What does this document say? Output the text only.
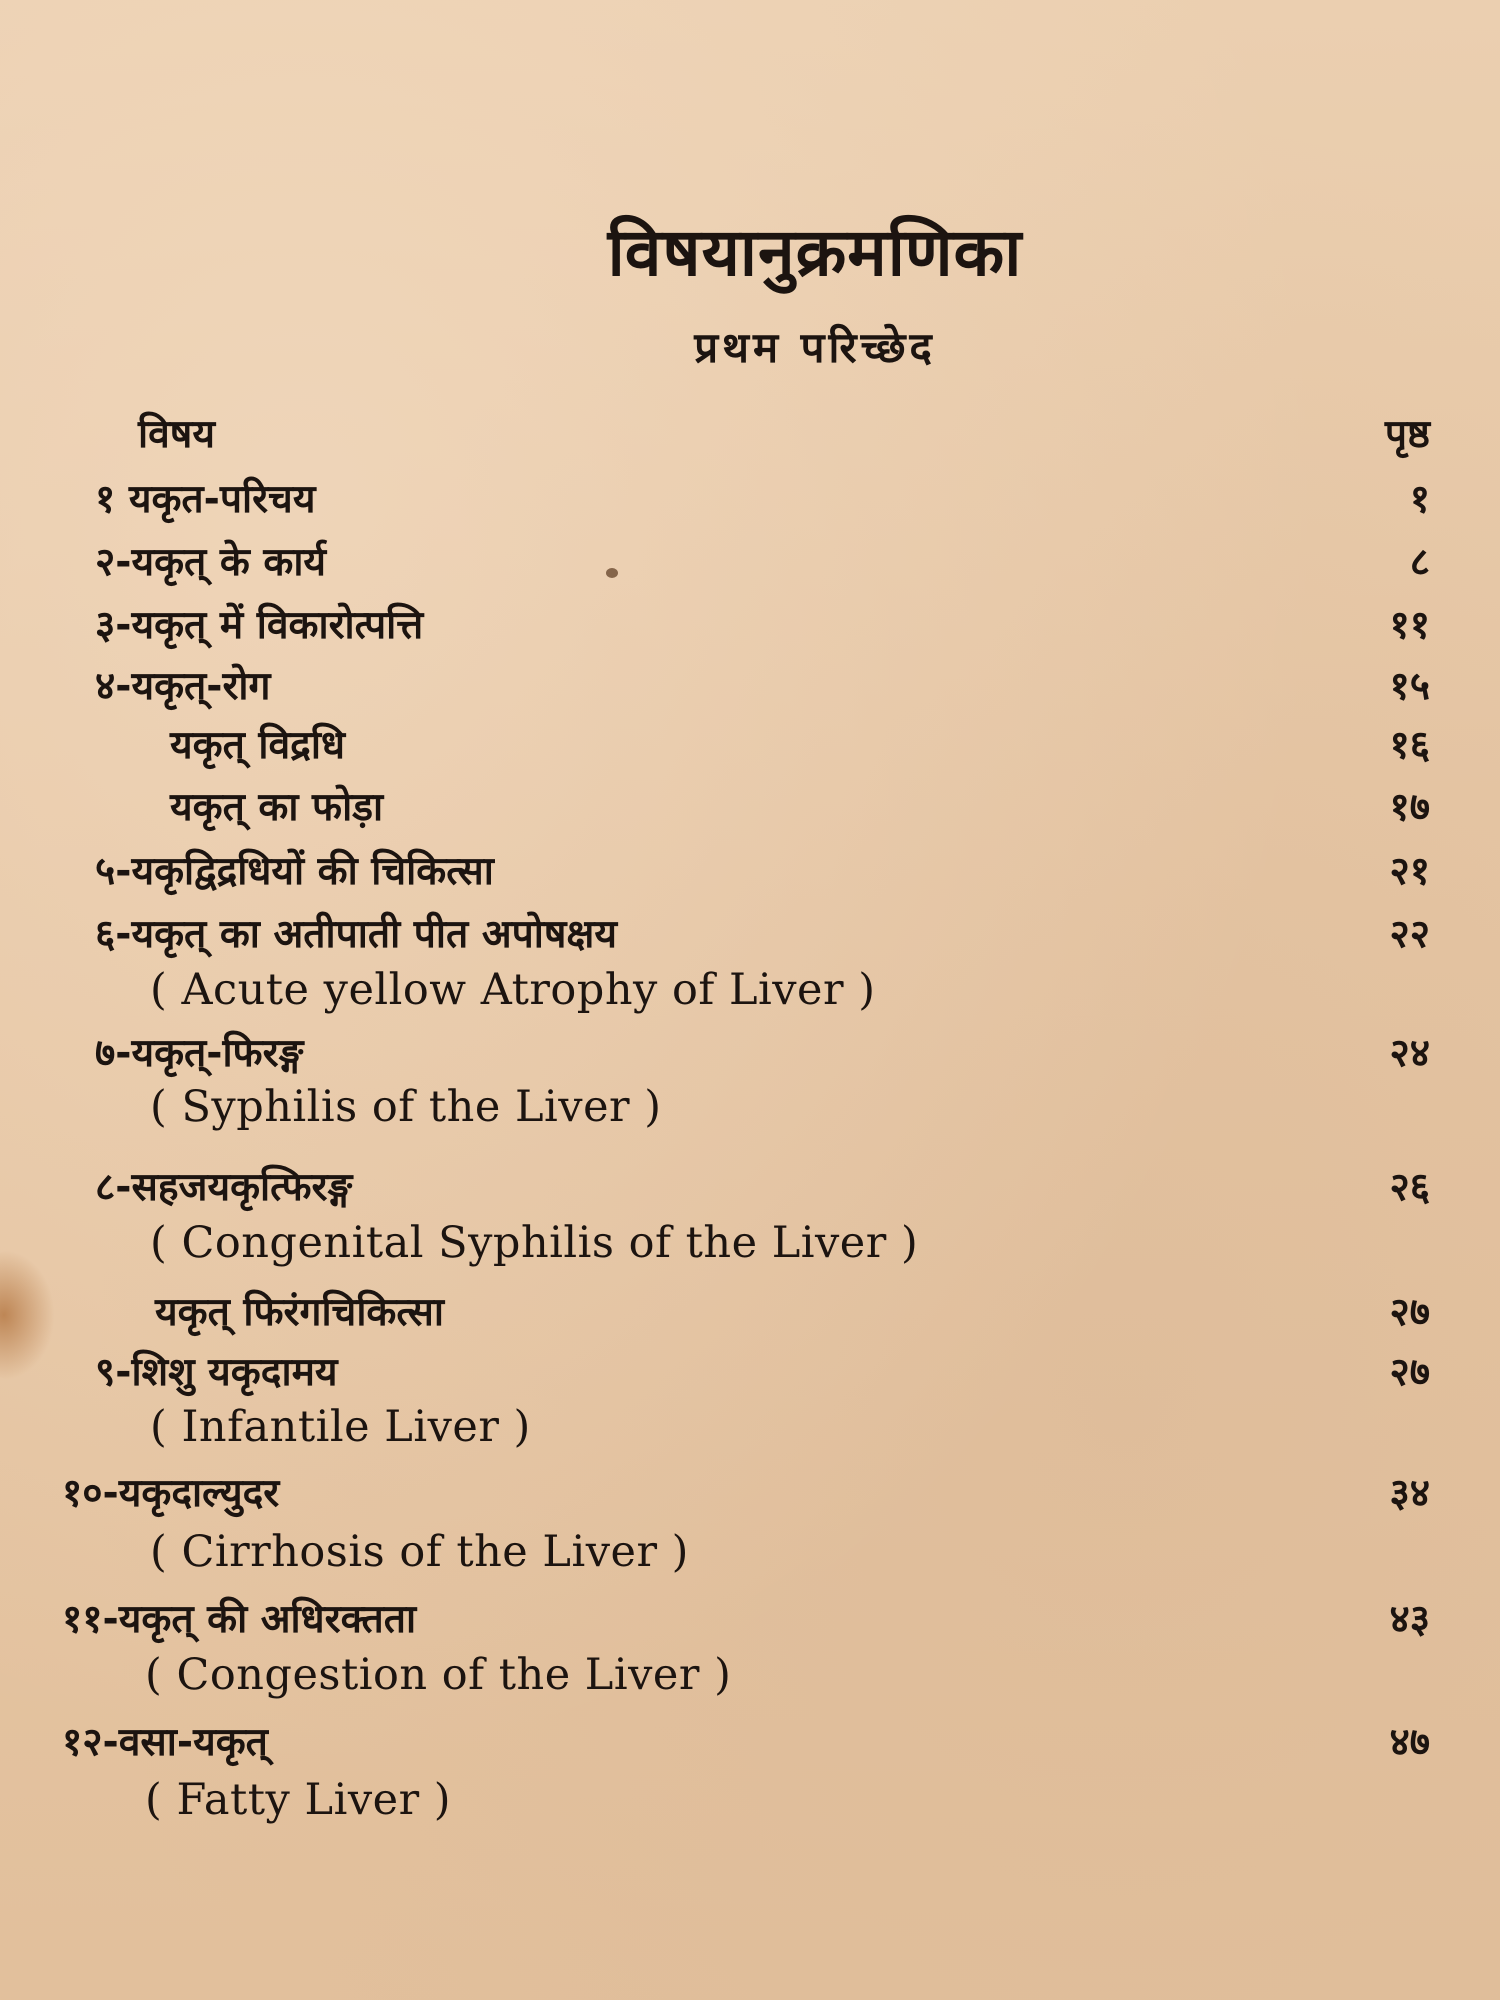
विषयानुक्रमणिका
प्रथम परिच्छेद
विषय	पृष्ठ
१ यकृत-परिचय	१
२-यकृत् के कार्य	८
३-यकृत् में विकारोत्पत्ति	११
४-यकृत्-रोग	१५
यकृत् विद्रधि	१६
यकृत् का फोड़ा	१७
५-यकृद्विद्रधियों की चिकित्सा	२१
६-यकृत् का अतीपाती पीत अपोषक्षय	२२
( Acute yellow Atrophy of Liver )
७-यकृत्-फिरङ्ग	२४
( Syphilis of the Liver )
८-सहजयकृत्फिरङ्ग	२६
( Congenital Syphilis of the Liver )
यकृत् फिरंगचिकित्सा	२७
९-शिशु यकृदामय	२७
( Infantile Liver )
१०-यकृदाल्युदर	३४
( Cirrhosis of the Liver )
११-यकृत् की अधिरक्तता	४३
( Congestion of the Liver )
१२-वसा-यकृत्	४७
( Fatty Liver )
